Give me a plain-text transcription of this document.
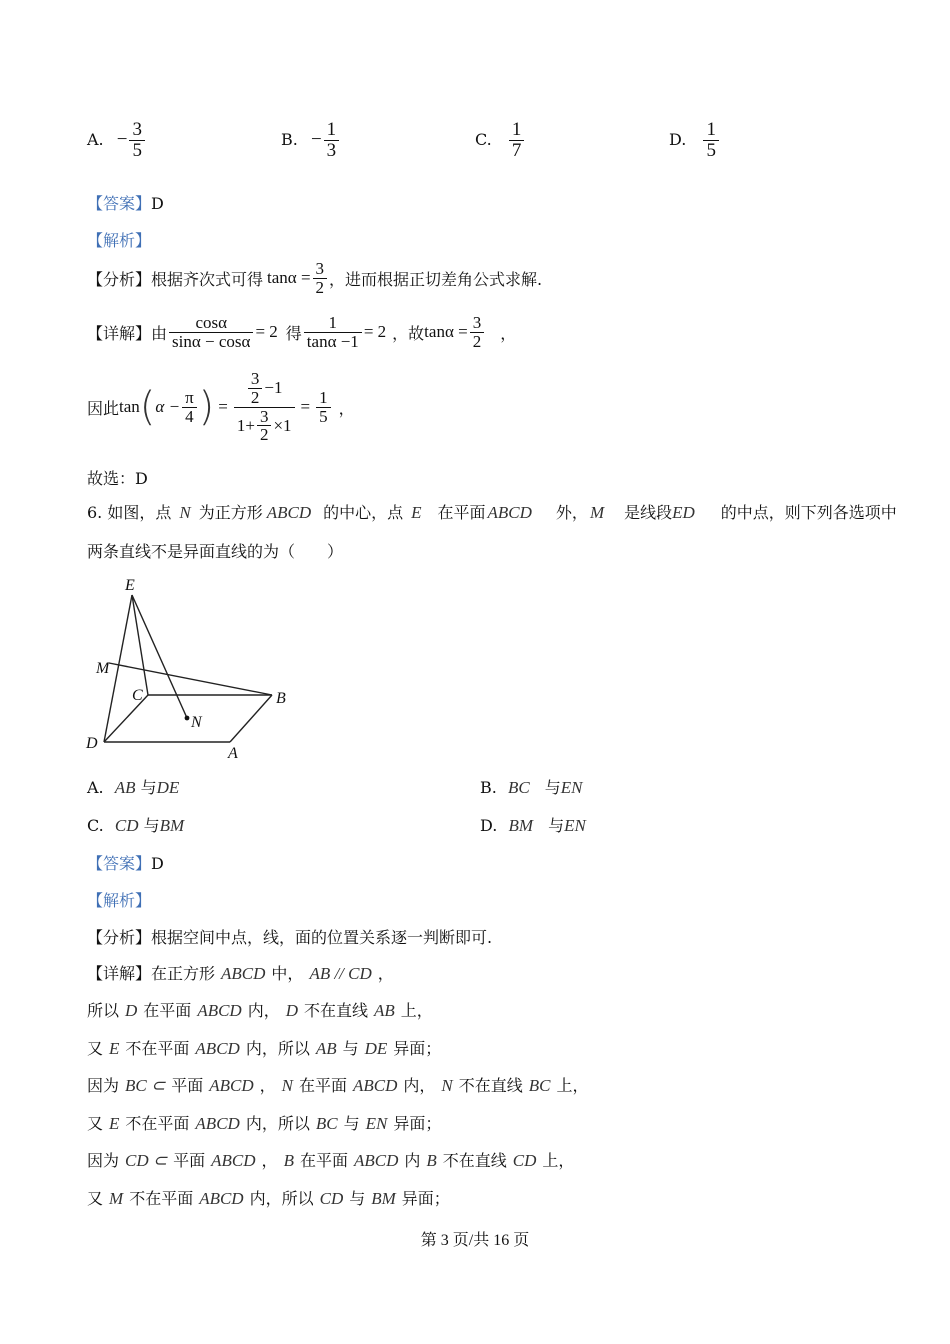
A. − $\frac{3}{5}$	B. − $\frac{1}{3}$	C. $\frac{1}{7}$	D. $\frac{1}{5}$
【答案】D
【解析】
【分析】 根据齐次式可得 $\tan\alpha = \frac{3}{2}$ ，进而根据正切差角公式求解.
【详解】 由 $\frac{\cos\alpha}{\sin\alpha - \cos\alpha} = 2$ 得 $\frac{1}{\tan\alpha -1} = 2$ ，故 $\tan\alpha = \frac{3}{2}$ ，
因此 tan ( $\alpha - \frac{\pi}{4}$ ) = $\frac{\frac{3}{2} -1}{1+ \frac{3}{2} \times 1} = \frac{1}{5}$ ，
故选：D
6. 如图，点 N 为正方形 ABCD 的中心，点 E 在平面 ABCD 外， M 是线段 ED 的中点，则下列各选项中
两条直线不是异面直线的为（　　）
E
M
C	B
N
D
A
A. AB 与DE	B. BC 与EN
C. CD 与BM	D. BM 与EN
【答案】D
【解析】
【分析】根据空间中点，线，面的位置关系逐一判断即可.
【详解】在正方形 ABCD 中， AB // CD ，
所以 D 在平面 ABCD 内， D 不在直线 AB 上，
又 E 不在平面 ABCD 内，所以 AB 与 DE 异面；
因为 BC ⊂ 平面 ABCD ， N 在平面 ABCD 内， N 不在直线 BC 上，
又 E 不在平面 ABCD 内，所以 BC 与 EN 异面；
因为 CD ⊂ 平面 ABCD ， B 在平面 ABCD 内 B 不在直线 CD 上，
又 M 不在平面 ABCD 内，所以 CD 与 BM 异面；
第 3 页/共 16 页
